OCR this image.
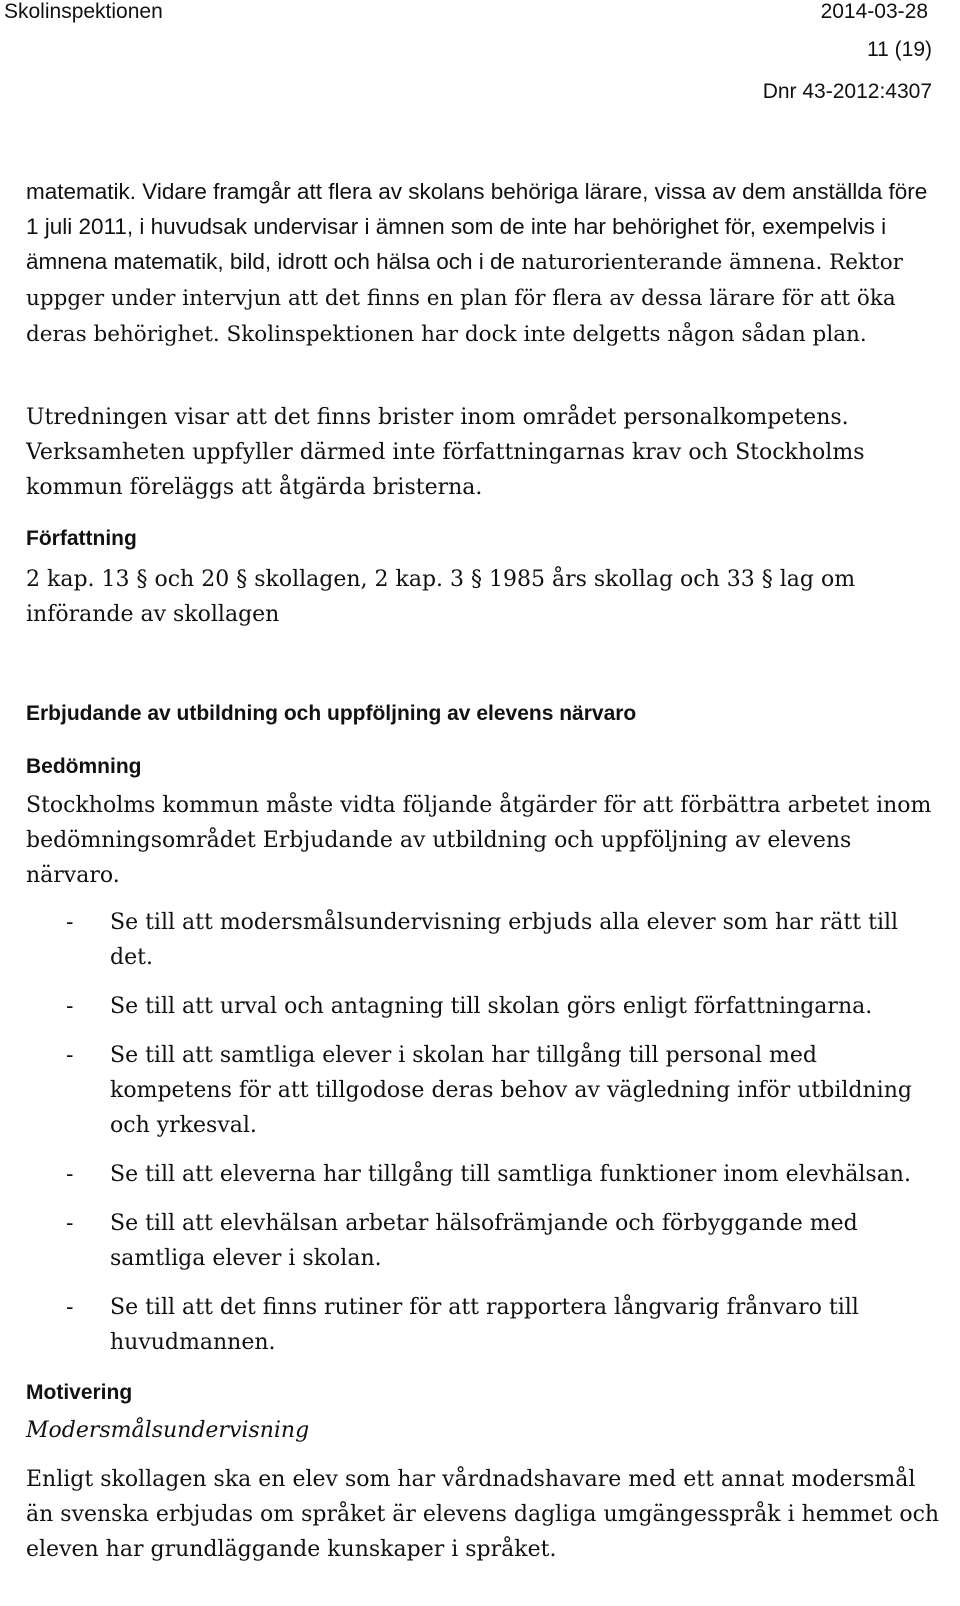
Skolinspektionen	2014-03-28
11 (19)
Dnr 43-2012:4307

matematik. Vidare framgår att flera av skolans behöriga lärare, vissa av dem anställda före 1 juli 2011, i huvudsak undervisar i ämnen som de inte har behörighet för, exempelvis i ämnena matematik, bild, idrott och hälsa och i de naturorienterande ämnena. Rektor uppger under intervjun att det finns en plan för flera av dessa lärare för att öka deras behörighet. Skolinspektionen har dock inte delgetts någon sådan plan.

Utredningen visar att det finns brister inom området personalkompetens. Verksamheten uppfyller därmed inte författningarnas krav och Stockholms kommun föreläggs att åtgärda bristerna.

Författning

2 kap. 13 § och 20 § skollagen, 2 kap. 3 § 1985 års skollag och 33 § lag om införande av skollagen

Erbjudande av utbildning och uppföljning av elevens närvaro

Bedömning

Stockholms kommun måste vidta följande åtgärder för att förbättra arbetet inom bedömningsområdet Erbjudande av utbildning och uppföljning av elevens närvaro.

- Se till att modersmålsundervisning erbjuds alla elever som har rätt till det.
- Se till att urval och antagning till skolan görs enligt författningarna.
- Se till att samtliga elever i skolan har tillgång till personal med kompetens för att tillgodose deras behov av vägledning inför utbildning och yrkesval.
- Se till att eleverna har tillgång till samtliga funktioner inom elevhälsan.
- Se till att elevhälsan arbetar hälsofrämjande och förbyggande med samtliga elever i skolan.
- Se till att det finns rutiner för att rapportera långvarig frånvaro till huvudmannen.

Motivering

Modersmålsundervisning

Enligt skollagen ska en elev som har vårdnadshavare med ett annat modersmål än svenska erbjudas om språket är elevens dagliga umgängesspråk i hemmet och eleven har grundläggande kunskaper i språket.
